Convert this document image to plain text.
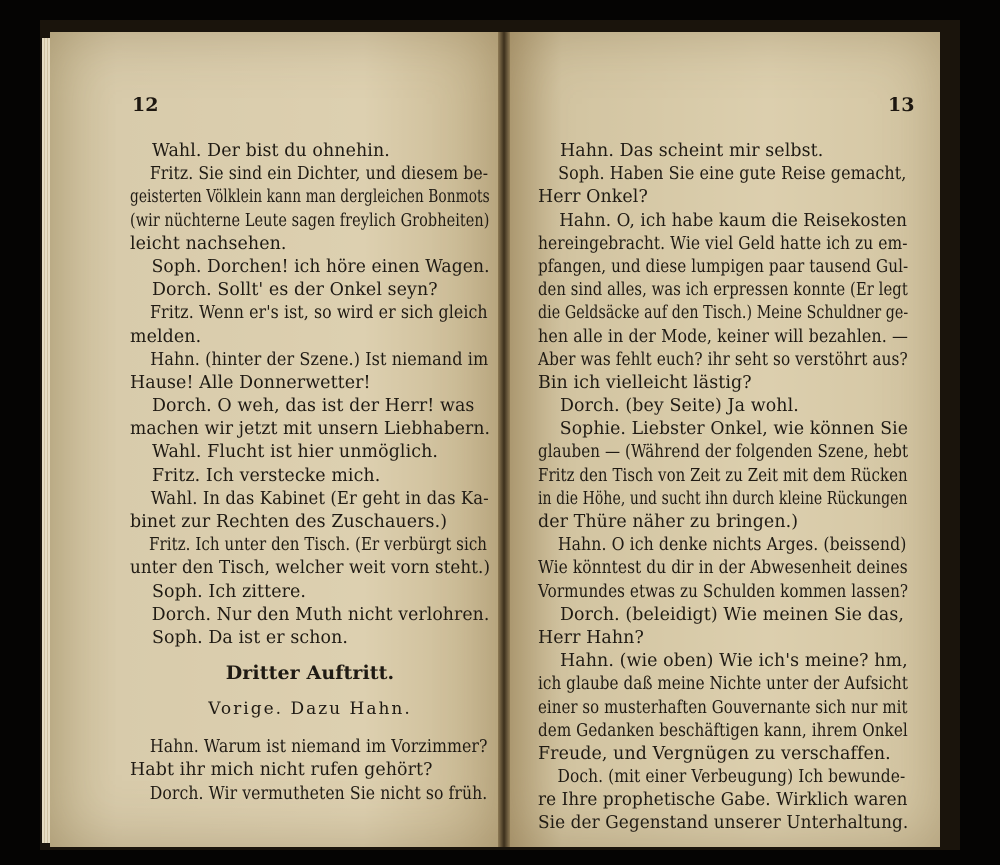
12
Wahl. Der bist du ohnehin.
Fritz. Sie sind ein Dichter, und diesem be-
geisterten Völklein kann man dergleichen Bonmots
(wir nüchterne Leute sagen freylich Grobheiten)
leicht nachsehen.
Soph. Dorchen! ich höre einen Wagen.
Dorch. Sollt' es der Onkel seyn?
Fritz. Wenn er's ist, so wird er sich gleich
melden.
Hahn. (hinter der Szene.) Ist niemand im
Hause! Alle Donnerwetter!
Dorch. O weh, das ist der Herr! was
machen wir jetzt mit unsern Liebhabern.
Wahl. Flucht ist hier unmöglich.
Fritz. Ich verstecke mich.
Wahl. In das Kabinet (Er geht in das Ka-
binet zur Rechten des Zuschauers.)
Fritz. Ich unter den Tisch. (Er verbürgt sich
unter den Tisch, welcher weit vorn steht.)
Soph. Ich zittere.
Dorch. Nur den Muth nicht verlohren.
Soph. Da ist er schon.
Dritter Auftritt.
Vorige. Dazu Hahn.
Hahn. Warum ist niemand im Vorzimmer?
Habt ihr mich nicht rufen gehört?
Dorch. Wir vermutheten Sie nicht so früh.
13
Hahn. Das scheint mir selbst.
Soph. Haben Sie eine gute Reise gemacht,
Herr Onkel?
Hahn. O, ich habe kaum die Reisekosten
hereingebracht. Wie viel Geld hatte ich zu em-
pfangen, und diese lumpigen paar tausend Gul-
den sind alles, was ich erpressen konnte (Er legt
die Geldsäcke auf den Tisch.) Meine Schuldner ge-
hen alle in der Mode, keiner will bezahlen. —
Aber was fehlt euch? ihr seht so verstöhrt aus?
Bin ich vielleicht lästig?
Dorch. (bey Seite) Ja wohl.
Sophie. Liebster Onkel, wie können Sie
glauben — (Während der folgenden Szene, hebt
Fritz den Tisch von Zeit zu Zeit mit dem Rücken
in die Höhe, und sucht ihn durch kleine Rückungen
der Thüre näher zu bringen.)
Hahn. O ich denke nichts Arges. (beissend)
Wie könntest du dir in der Abwesenheit deines
Vormundes etwas zu Schulden kommen lassen?
Dorch. (beleidigt) Wie meinen Sie das,
Herr Hahn?
Hahn. (wie oben) Wie ich's meine? hm,
ich glaube daß meine Nichte unter der Aufsicht
einer so musterhaften Gouvernante sich nur mit
dem Gedanken beschäftigen kann, ihrem Onkel
Freude, und Vergnügen zu verschaffen.
Doch. (mit einer Verbeugung) Ich bewunde-
re Ihre prophetische Gabe. Wirklich waren
Sie der Gegenstand unserer Unterhaltung.
